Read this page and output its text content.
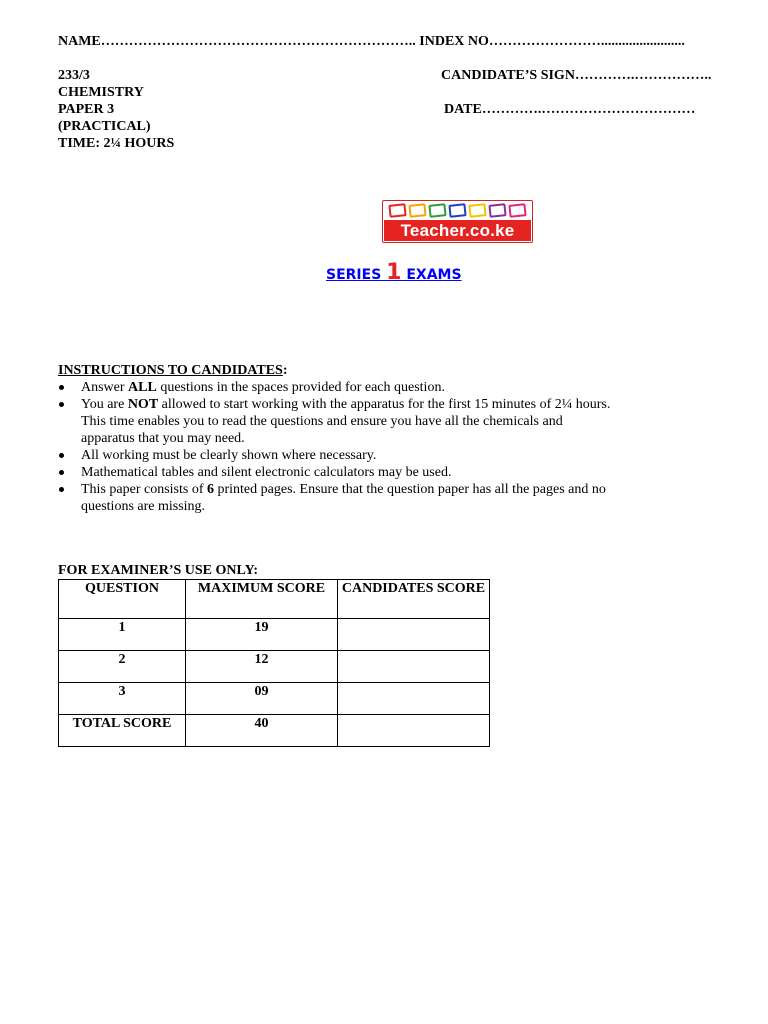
NAME………………………………………………………….. INDEX NO……………………........................
233/3
CHEMISTRY
PAPER 3
(PRACTICAL)
TIME: 2¼ HOURS
CANDIDATE’S SIGN………….……………..
DATE………….……………………………
Teacher.co.ke
SERIES 1 EXAMS
INSTRUCTIONS TO CANDIDATES:
Answer ALL questions in the spaces provided for each question.
You are NOT allowed to start working with the apparatus for the first 15 minutes of 2¼ hours. This time enables you to read the questions and ensure you have all the chemicals and apparatus that you may need.
All working must be clearly shown where necessary.
Mathematical tables and silent electronic calculators may be used.
This paper consists of 6 printed pages. Ensure that the question paper has all the pages and no questions are missing.
FOR EXAMINER’S USE ONLY:
QUESTION	MAXIMUM SCORE	CANDIDATES SCORE
1	19	
2	12	
3	09	
TOTAL SCORE	40	
